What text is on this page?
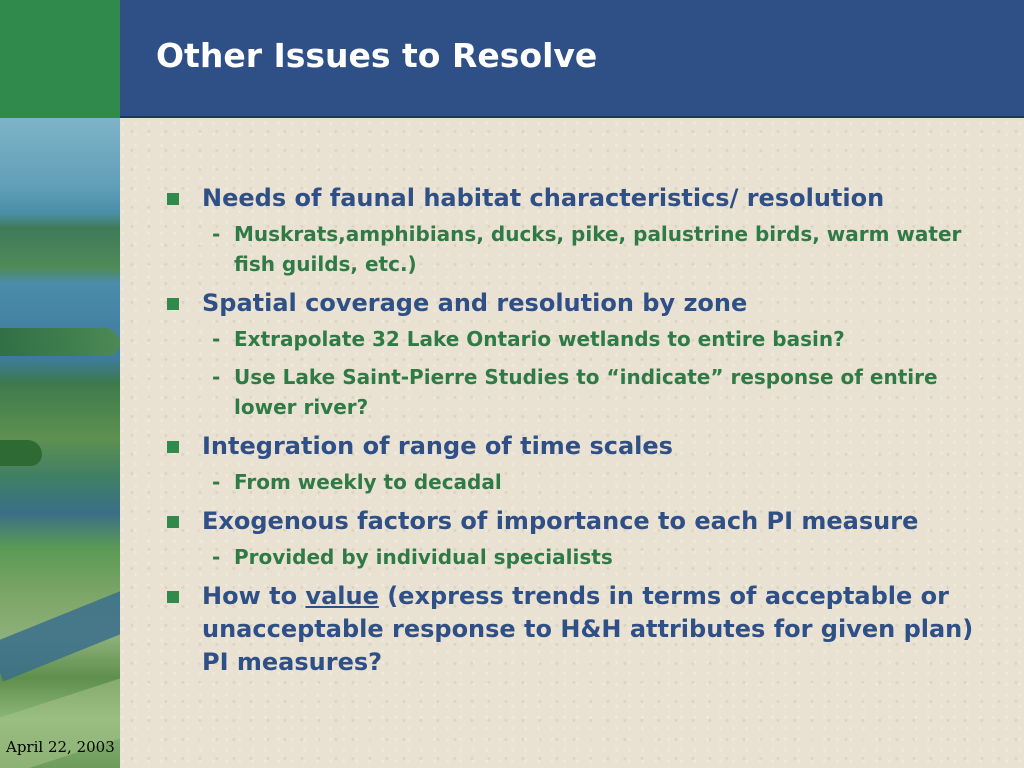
April 22, 2003
Other Issues to Resolve
Needs of faunal habitat characteristics/ resolution
- Muskrats,amphibians, ducks, pike, palustrine birds, warm water fish guilds, etc.)
Spatial coverage and resolution by zone
- Extrapolate 32 Lake Ontario wetlands to entire basin?
- Use Lake Saint-Pierre Studies to “indicate” response of entire lower river?
Integration of range of time scales
- From weekly to decadal
Exogenous factors of importance to each PI measure
- Provided by individual specialists
How to value (express trends in terms of acceptable or unacceptable response to H&H attributes for given plan) PI measures?
